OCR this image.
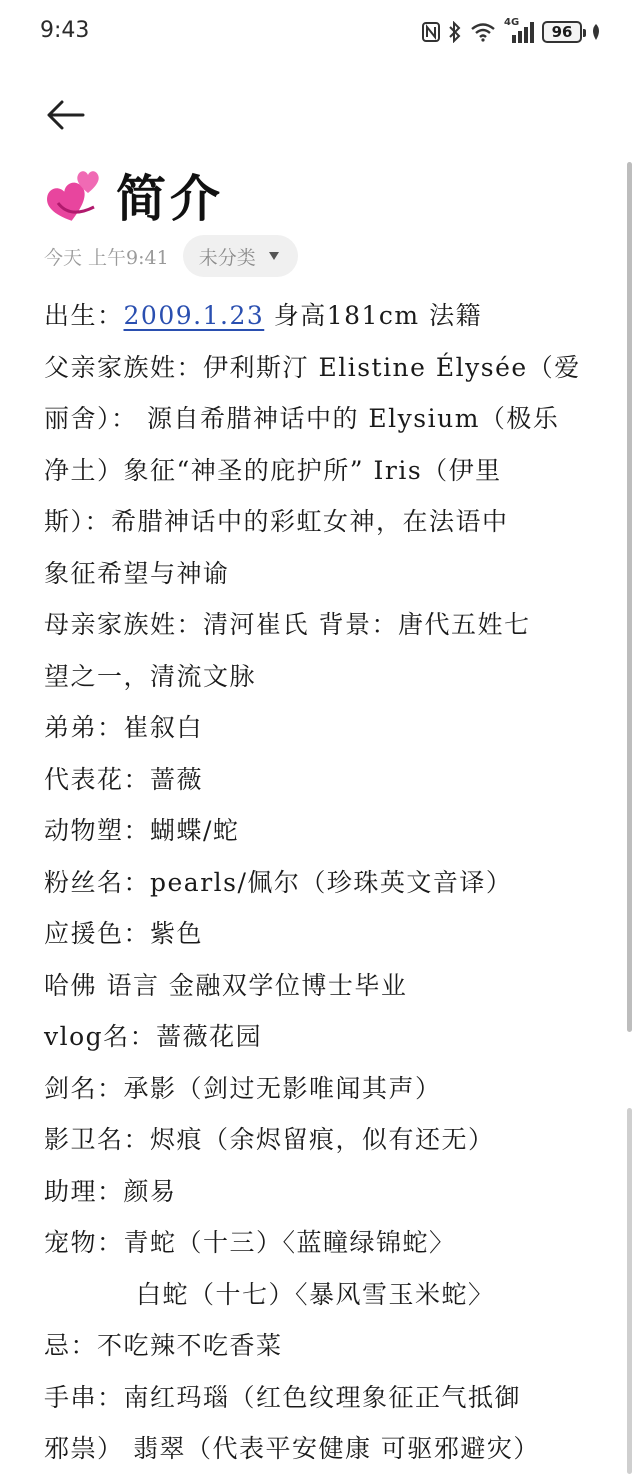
9:43	4G
96
简介
今天 上午9:41 未分类
出生：2009.1.23 身高181cm 法籍
父亲家族姓：伊利斯汀 Elistine Élysée（爱
丽舍）： 源自希腊神话中的 Elysium（极乐
净土）象征“神圣的庇护所” Iris（伊里
斯）：希腊神话中的彩虹女神，在法语中
象征希望与神谕
母亲家族姓：清河崔氏 背景：唐代五姓七
望之一，清流文脉
弟弟：崔叙白
代表花：蔷薇
动物塑：蝴蝶/蛇
粉丝名：pearls/佩尔（珍珠英文音译）
应援色：紫色
哈佛 语言 金融双学位博士毕业
vlog名：蔷薇花园
剑名：承影（剑过无影唯闻其声）
影卫名：烬痕（余烬留痕，似有还无）
助理：颜易
宠物：青蛇（十三）〈蓝瞳绿锦蛇〉
白蛇（十七）〈暴风雪玉米蛇〉
忌：不吃辣不吃香菜
手串：南红玛瑙（红色纹理象征正气抵御
邪祟） 翡翠（代表平安健康 可驱邪避灾）
